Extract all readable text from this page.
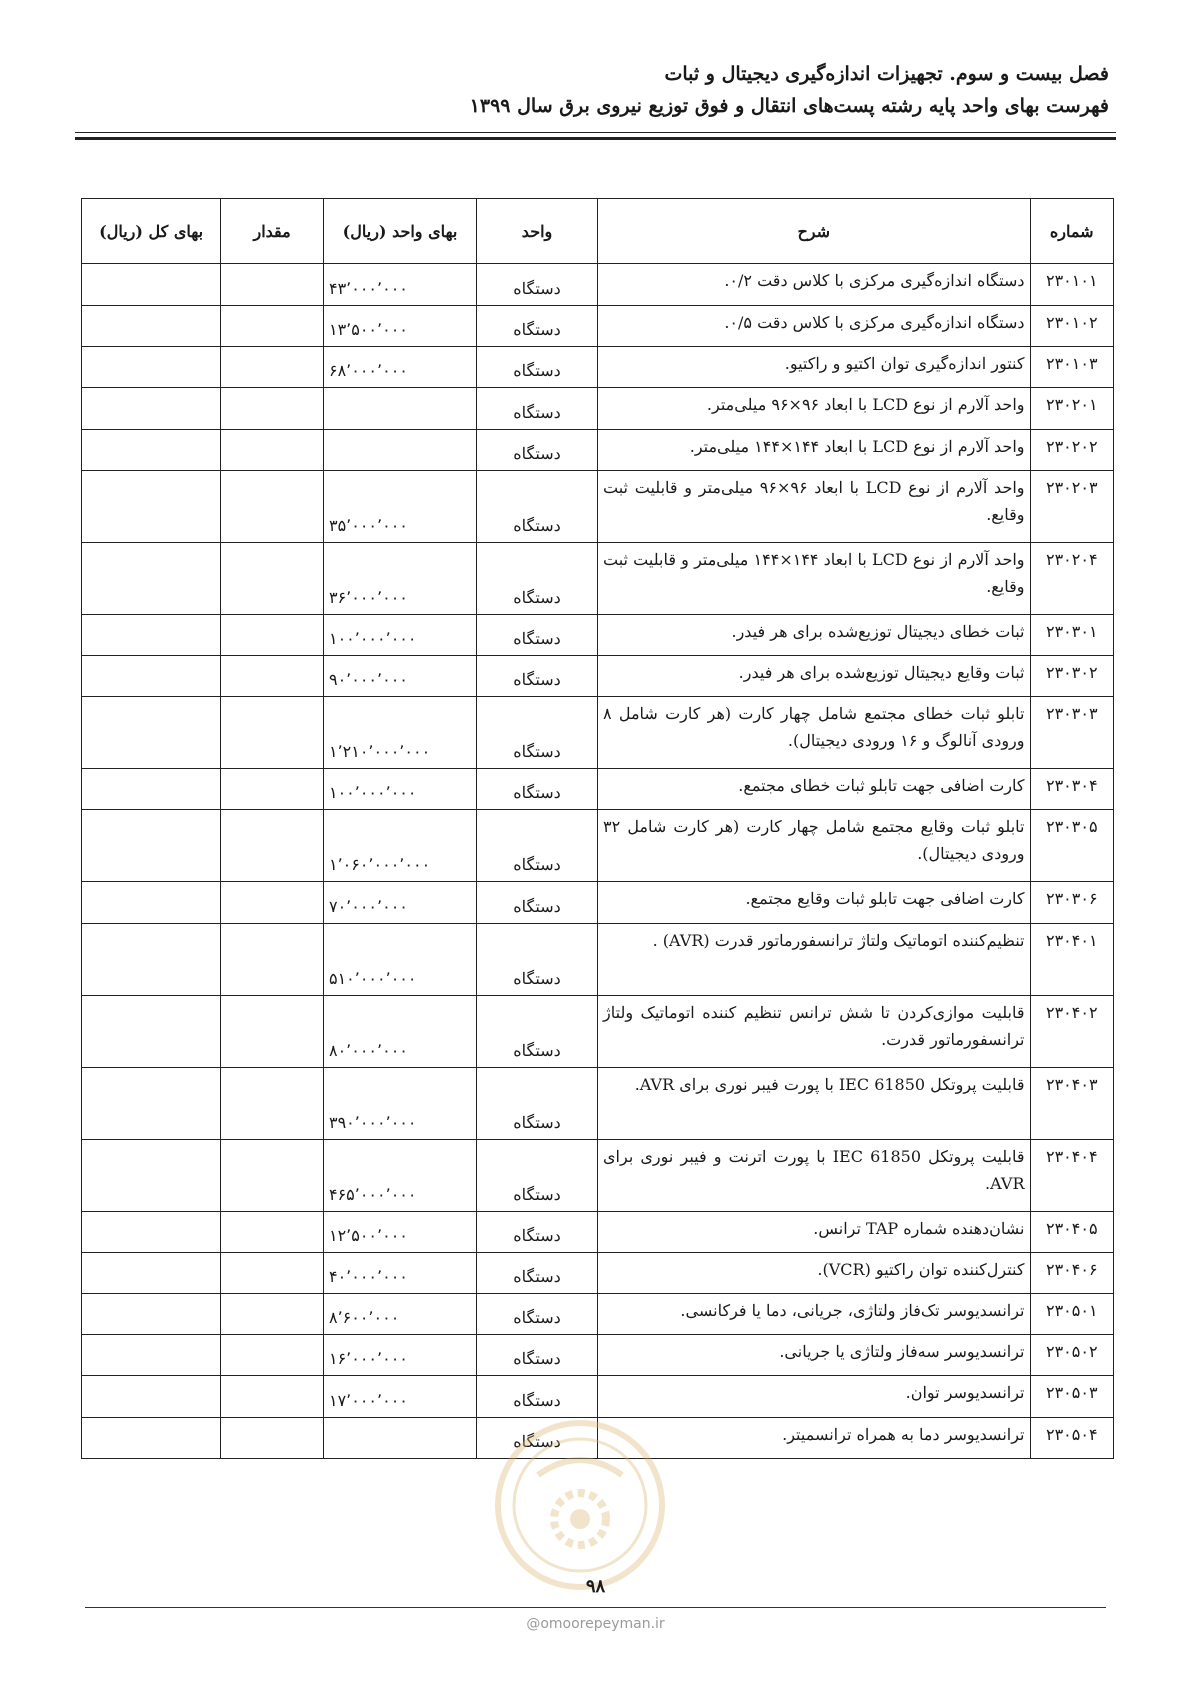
فصل بیست و سوم. تجهیزات اندازه‌گیری دیجیتال و ثبات
فهرست بهای واحد پایه رشته پست‌های انتقال و فوق توزیع نیروی برق سال ۱۳۹۹
شماره	شرح	واحد	بهای واحد (ریال)	مقدار	بهای کل (ریال)
۲۳۰۱۰۱	دستگاه اندازه‌گیری مرکزی با کلاس دقت ۰/۲.	دستگاه	۴۳٬۰۰۰٬۰۰۰		
۲۳۰۱۰۲	دستگاه اندازه‌گیری مرکزی با کلاس دقت ۰/۵.	دستگاه	۱۳٬۵۰۰٬۰۰۰		
۲۳۰۱۰۳	کنتور اندازه‌گیری توان اکتیو و راکتیو.	دستگاه	۶۸٬۰۰۰٬۰۰۰		
۲۳۰۲۰۱	واحد آلارم از نوع LCD با ابعاد ۹۶×۹۶ میلی‌متر.	دستگاه			
۲۳۰۲۰۲	واحد آلارم از نوع LCD با ابعاد ۱۴۴×۱۴۴ میلی‌متر.	دستگاه			
۲۳۰۲۰۳	واحد آلارم از نوع LCD با ابعاد ۹۶×۹۶ میلی‌متر و قابلیت ثبت وقایع.	دستگاه	۳۵٬۰۰۰٬۰۰۰		
۲۳۰۲۰۴	واحد آلارم از نوع LCD با ابعاد ۱۴۴×۱۴۴ میلی‌متر و قابلیت ثبت وقایع.	دستگاه	۳۶٬۰۰۰٬۰۰۰		
۲۳۰۳۰۱	ثبات خطای دیجیتال توزیع‌شده برای هر فیدر.	دستگاه	۱۰۰٬۰۰۰٬۰۰۰		
۲۳۰۳۰۲	ثبات وقایع دیجیتال توزیع‌شده برای هر فیدر.	دستگاه	۹۰٬۰۰۰٬۰۰۰		
۲۳۰۳۰۳	تابلو ثبات خطای مجتمع شامل چهار کارت (هر کارت شامل ۸ ورودی آنالوگ و ۱۶ ورودی دیجیتال).	دستگاه	۱٬۲۱۰٬۰۰۰٬۰۰۰		
۲۳۰۳۰۴	کارت اضافی جهت تابلو ثبات خطای مجتمع.	دستگاه	۱۰۰٬۰۰۰٬۰۰۰		
۲۳۰۳۰۵	تابلو ثبات وقایع مجتمع شامل چهار کارت (هر کارت شامل ۳۲ ورودی دیجیتال).	دستگاه	۱٬۰۶۰٬۰۰۰٬۰۰۰		
۲۳۰۳۰۶	کارت اضافی جهت تابلو ثبات وقایع مجتمع.	دستگاه	۷۰٬۰۰۰٬۰۰۰		
۲۳۰۴۰۱	تنظیم‌کننده اتوماتیک ولتاژ ترانسفورماتور قدرت (AVR) .	دستگاه	۵۱۰٬۰۰۰٬۰۰۰		
۲۳۰۴۰۲	قابلیت موازی‌کردن تا شش ترانس تنظیم کننده اتوماتیک ولتاژ ترانسفورماتور قدرت.	دستگاه	۸۰٬۰۰۰٬۰۰۰		
۲۳۰۴۰۳	قابلیت پروتکل IEC 61850 با پورت فیبر نوری برای AVR.	دستگاه	۳۹۰٬۰۰۰٬۰۰۰		
۲۳۰۴۰۴	قابلیت پروتکل IEC 61850 با پورت اترنت و فیبر نوری برای AVR.	دستگاه	۴۶۵٬۰۰۰٬۰۰۰		
۲۳۰۴۰۵	نشان‌دهنده شماره TAP ترانس.	دستگاه	۱۲٬۵۰۰٬۰۰۰		
۲۳۰۴۰۶	کنترل‌کننده توان راکتیو (VCR).	دستگاه	۴۰٬۰۰۰٬۰۰۰		
۲۳۰۵۰۱	ترانسدیوسر تک‌فاز ولتاژی، جریانی، دما یا فرکانسی.	دستگاه	۸٬۶۰۰٬۰۰۰		
۲۳۰۵۰۲	ترانسدیوسر سه‌فاز ولتاژی یا جریانی.	دستگاه	۱۶٬۰۰۰٬۰۰۰		
۲۳۰۵۰۳	ترانسدیوسر توان.	دستگاه	۱۷٬۰۰۰٬۰۰۰		
۲۳۰۵۰۴	ترانسدیوسر دما به همراه ترانسمیتر.	دستگاه			
۹۸
@omoorepeyman.ir
